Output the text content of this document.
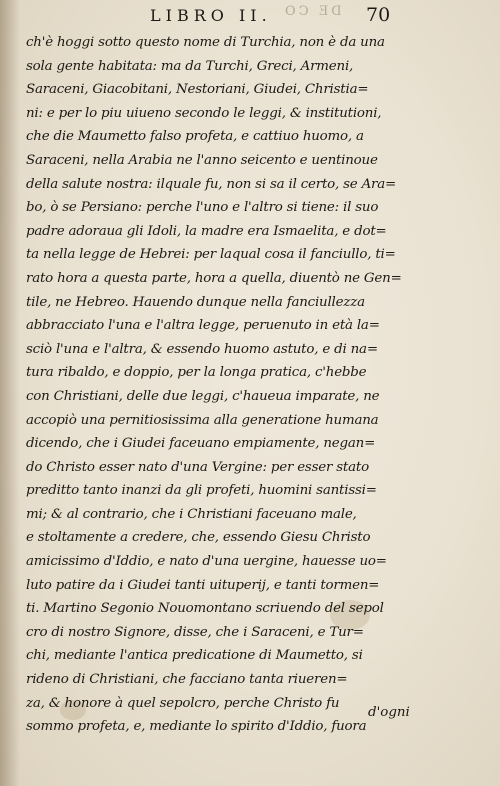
LIBRO II. DE CO 70
ch'è hoggi sotto questo nome di Turchia, non è da una
sola gente habitata: ma da Turchi, Greci, Armeni,
Saraceni, Giacobitani, Nestoriani, Giudei, Christia=
ni: e per lo piu uiueno secondo le leggi, & institutioni,
che die Maumetto falso profeta, e cattiuo huomo, a
Saraceni, nella Arabia ne l'anno seicento e uentinoue
della salute nostra: ilquale fu, non si sa il certo, se Ara=
bo, ò se Persiano: perche l'uno e l'altro si tiene: il suo
padre adoraua gli Idoli, la madre era Ismaelita, e dot=
ta nella legge de Hebrei: per laqual cosa il fanciullo, ti=
rato hora a questa parte, hora a quella, diuentò ne Gen=
tile, ne Hebreo. Hauendo dunque nella fanciullezza
abbracciato l'una e l'altra legge, peruenuto in età la=
sciò l'una e l'altra, & essendo huomo astuto, e di na=
tura ribaldo, e doppio, per la longa pratica, c'hebbe
con Christiani, delle due leggi, c'haueua imparate, ne
accopiò una pernitiosissima alla generatione humana
dicendo, che i Giudei faceuano empiamente, negan=
do Christo esser nato d'una Vergine: per esser stato
preditto tanto inanzi da gli profeti, huomini santissi=
mi; & al contrario, che i Christiani faceuano male,
e stoltamente a credere, che, essendo Giesu Christo
amicissimo d'Iddio, e nato d'una uergine, hauesse uo=
luto patire da i Giudei tanti uituperij, e tanti tormen=
ti. Martino Segonio Nouomontano scriuendo del sepol
cro di nostro Signore, disse, che i Saraceni, e Tur=
chi, mediante l'antica predicatione di Maumetto, si
rideno di Christiani, che facciano tanta riueren=
za, & honore à quel sepolcro, perche Christo fu
sommo profeta, e, mediante lo spirito d'Iddio, fuora
d'ogni
